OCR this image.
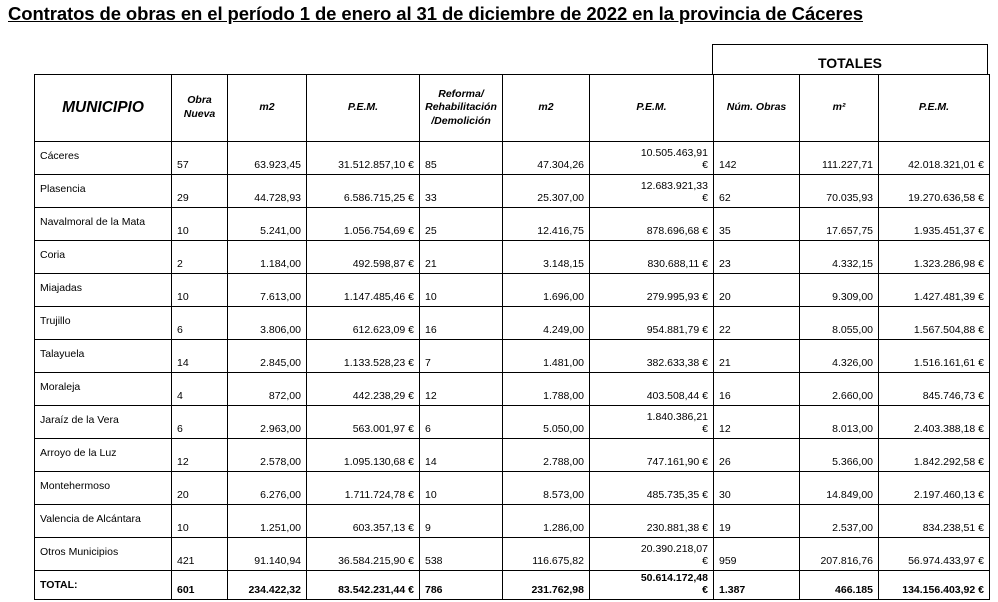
Contratos de obras en el período 1 de enero al 31 de diciembre de 2022 en la provincia de Cáceres
TOTALES
MUNICIPIO	Obra Nueva	m2	P.E.M.	Reforma/ Rehabilitación /Demolición	m2	P.E.M.	Núm. Obras	m²	P.E.M.
Cáceres	57	63.923,45	31.512.857,10 €	85	47.304,26	10.505.463,91 €	142	111.227,71	42.018.321,01 €
Plasencia	29	44.728,93	6.586.715,25 €	33	25.307,00	12.683.921,33 €	62	70.035,93	19.270.636,58 €
Navalmoral de la Mata	10	5.241,00	1.056.754,69 €	25	12.416,75	878.696,68 €	35	17.657,75	1.935.451,37 €
Coria	2	1.184,00	492.598,87 €	21	3.148,15	830.688,11 €	23	4.332,15	1.323.286,98 €
Miajadas	10	7.613,00	1.147.485,46 €	10	1.696,00	279.995,93 €	20	9.309,00	1.427.481,39 €
Trujillo	6	3.806,00	612.623,09 €	16	4.249,00	954.881,79 €	22	8.055,00	1.567.504,88 €
Talayuela	14	2.845,00	1.133.528,23 €	7	1.481,00	382.633,38 €	21	4.326,00	1.516.161,61 €
Moraleja	4	872,00	442.238,29 €	12	1.788,00	403.508,44 €	16	2.660,00	845.746,73 €
Jaraíz de la Vera	6	2.963,00	563.001,97 €	6	5.050,00	1.840.386,21 €	12	8.013,00	2.403.388,18 €
Arroyo de la Luz	12	2.578,00	1.095.130,68 €	14	2.788,00	747.161,90 €	26	5.366,00	1.842.292,58 €
Montehermoso	20	6.276,00	1.711.724,78 €	10	8.573,00	485.735,35 €	30	14.849,00	2.197.460,13 €
Valencia de Alcántara	10	1.251,00	603.357,13 €	9	1.286,00	230.881,38 €	19	2.537,00	834.238,51 €
Otros Municipios	421	91.140,94	36.584.215,90 €	538	116.675,82	20.390.218,07 €	959	207.816,76	56.974.433,97 €
TOTAL:	601	234.422,32	83.542.231,44 €	786	231.762,98	50.614.172,48 €	1.387	466.185	134.156.403,92 €
